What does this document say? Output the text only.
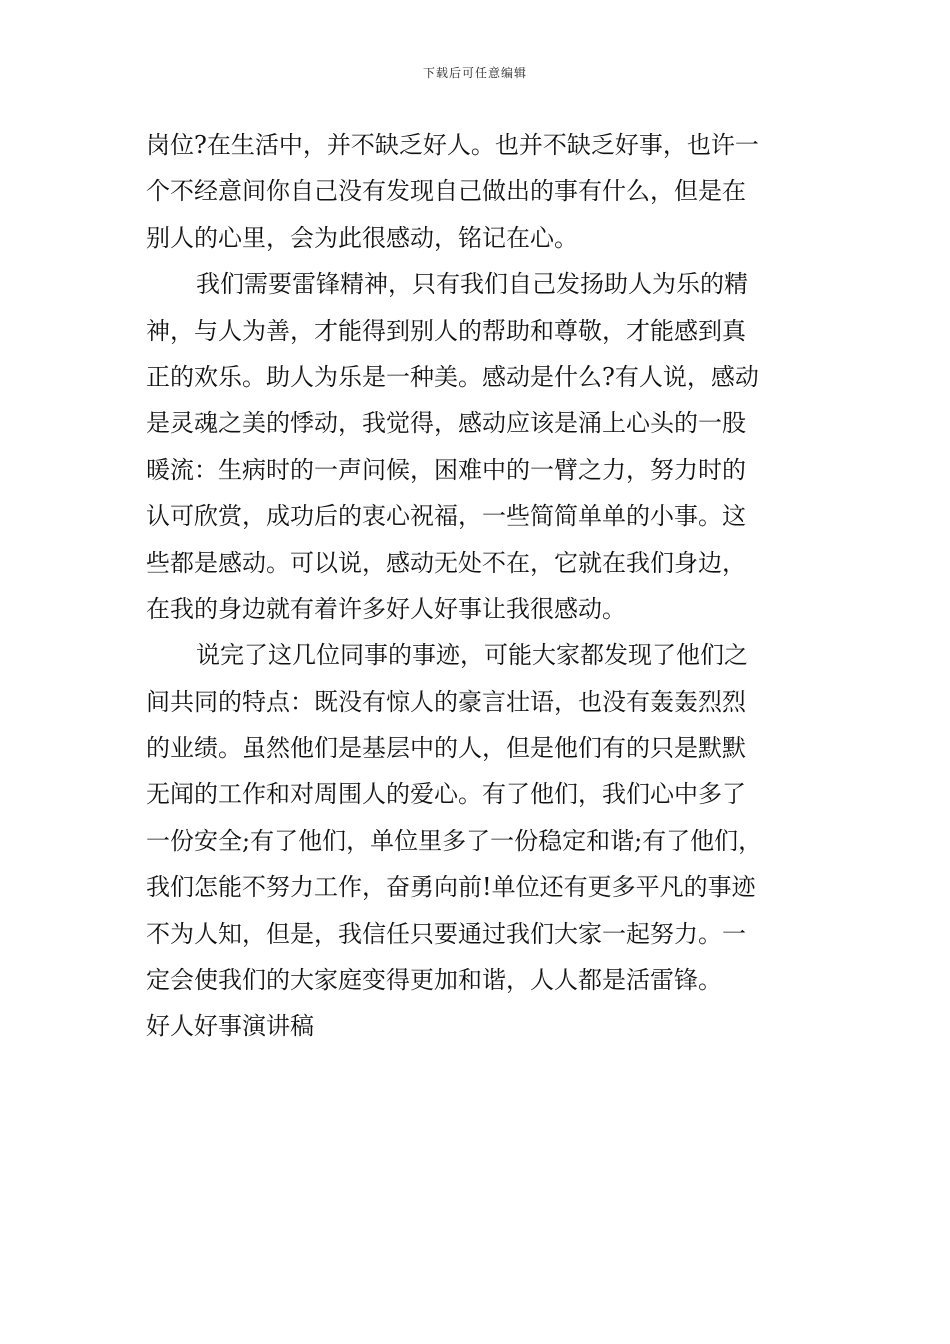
下载后可任意编辑
岗位?在生活中，并不缺乏好人。也并不缺乏好事，也许一
个不经意间你自己没有发现自己做出的事有什么，但是在
别人的心里，会为此很感动，铭记在心。
我们需要雷锋精神，只有我们自己发扬助人为乐的精
神，与人为善，才能得到别人的帮助和尊敬，才能感到真
正的欢乐。助人为乐是一种美。感动是什么?有人说，感动
是灵魂之美的悸动，我觉得，感动应该是涌上心头的一股
暖流：生病时的一声问候，困难中的一臂之力，努力时的
认可欣赏，成功后的衷心祝福，一些简简单单的小事。这
些都是感动。可以说，感动无处不在，它就在我们身边，
在我的身边就有着许多好人好事让我很感动。
说完了这几位同事的事迹，可能大家都发现了他们之
间共同的特点：既没有惊人的豪言壮语，也没有轰轰烈烈
的业绩。虽然他们是基层中的人，但是他们有的只是默默
无闻的工作和对周围人的爱心。有了他们，我们心中多了
一份安全;有了他们，单位里多了一份稳定和谐;有了他们，
我们怎能不努力工作，奋勇向前!单位还有更多平凡的事迹
不为人知，但是，我信任只要通过我们大家一起努力。一
定会使我们的大家庭变得更加和谐，人人都是活雷锋。
好人好事演讲稿
